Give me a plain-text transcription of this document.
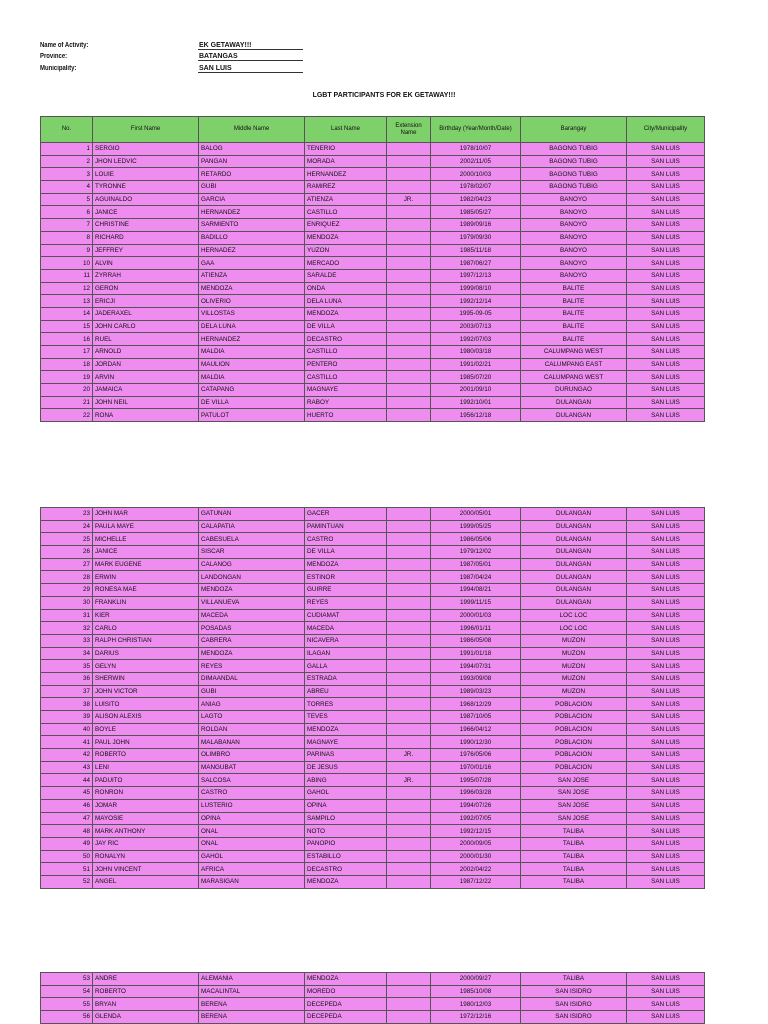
Name of Activity:	EK GETAWAY!!!
Province:	BATANGAS
Municipality:	SAN LUIS
LGBT PARTICIPANTS FOR EK GETAWAY!!!
No.	First Name	Middle Name	Last Name	Extension Name	Birthday (Year/Month/Date)	Barangay	City/Municipality
1	SERGIO	BALOG	TENERIO		1978/10/07	BAGONG TUBIG	SAN LUIS
2	JHON LEDVIC	PANGAN	MORADA		2002/11/05	BAGONG TUBIG	SAN LUIS
3	LOUIE	RETARDO	HERNANDEZ		2000/10/03	BAGONG TUBIG	SAN LUIS
4	TYRONNE	GUBI	RAMIREZ		1978/02/07	BAGONG TUBIG	SAN LUIS
5	AGUINALDO	GARCIA	ATIENZA	JR.	1982/04/23	BANOYO	SAN LUIS
6	JANICE	HERNANDEZ	CASTILLO		1985/05/27	BANOYO	SAN LUIS
7	CHRISTINE	SARMIENTO	ENRIQUEZ		1989/09/16	BANOYO	SAN LUIS
8	RICHARD	BADILLO	MENDOZA		1979/09/30	BANOYO	SAN LUIS
9	JEFFREY	HERNADEZ	YUZON		1985/11/18	BANOYO	SAN LUIS
10	ALVIN	GAA	MERCADO		1987/06/27	BANOYO	SAN LUIS
11	ZYRRAH	ATIENZA	SARALDE		1997/12/13	BANOYO	SAN LUIS
12	GERON	MENDOZA	ONDA		1999/08/10	BALITE	SAN LUIS
13	ERICJI	OLIVERIO	DELA LUNA		1992/12/14	BALITE	SAN LUIS
14	JADERAXEL	VILLOSTAS	MENDOZA		1995-09-05	BALITE	SAN LUIS
15	JOHN CARLO	DELA LUNA	DE VILLA		2003/07/13	BALITE	SAN LUIS
16	RUEL	HERNANDEZ	DECASTRO		1992/07/03	BALITE	SAN LUIS
17	ARNOLD	MALDIA	CASTILLO		1980/03/18	CALUMPANG WEST	SAN LUIS
18	JORDAN	MAULION	PENTERO		1991/02/21	CALUMPANG EAST	SAN LUIS
19	ARVIN	MALDIA	CASTILLO		1985/07/20	CALUMPANG WEST	SAN LUIS
20	JAMAICA	CATAPANG	MAGNAYE		2001/09/10	DURUNGAO	SAN LUIS
21	JOHN NEIL	DE VILLA	RABOY		1992/10/01	DULANGAN	SAN LUIS
22	RONA	PATULOT	HUERTO		1956/12/18	DULANGAN	SAN LUIS
23	JOHN MAR	GATUNAN	GACER		2000/05/01	DULANGAN	SAN LUIS
24	PAULA MAYE	CALAPATIA	PAMINTUAN		1999/05/25	DULANGAN	SAN LUIS
25	MICHELLE	CABESUELA	CASTRO		1986/05/06	DULANGAN	SAN LUIS
26	JANICE	SISCAR	DE VILLA		1979/12/02	DULANGAN	SAN LUIS
27	MARK EUGENE	CALANOG	MENDOZA		1987/05/01	DULANGAN	SAN LUIS
28	ERWIN	LANDONGAN	ESTINOR		1987/04/24	DULANGAN	SAN LUIS
29	RONESA MAE	MENDOZA	GUIRRE		1994/08/21	DULANGAN	SAN LUIS
30	FRANKLIN	VILLANUEVA	REYES		1999/11/15	DULANGAN	SAN LUIS
31	KIER	MACEDA	CUDIAMAT		2000/01/03	LOC LOC	SAN LUIS
32	CARLO	POSADAS	MACEDA		1996/01/11	LOC LOC	SAN LUIS
33	RALPH CHRISTIAN	CABRERA	NICAVERA		1986/05/08	MUZON	SAN LUIS
34	DARIUS	MENDOZA	ILAGAN		1991/01/18	MUZON	SAN LUIS
35	GELYN	REYES	GALLA		1994/07/31	MUZON	SAN LUIS
36	SHERWIN	DIMAANDAL	ESTRADA		1993/09/08	MUZON	SAN LUIS
37	JOHN VICTOR	GUBI	ABREU		1989/03/23	MUZON	SAN LUIS
38	LUISITO	ANIAG	TORRES		1968/12/29	POBLACION	SAN LUIS
39	ALISON ALEXIS	LAGTO	TEVES		1987/10/05	POBLACION	SAN LUIS
40	BOYLE	ROLDAN	MENDOZA		1966/04/12	POBLACION	SAN LUIS
41	PAUL JOHN	MALABANAN	MAGNAYE		1990/12/30	POBLACION	SAN LUIS
42	ROBERTO	OLIMBRO	PARINAS	JR.	1976/05/06	POBLACION	SAN LUIS
43	LENI	MANGUBAT	DE JESUS		1970/01/16	POBLACION	SAN LUIS
44	PADUITO	SALCOSA	ABING	JR.	1995/07/28	SAN JOSE	SAN LUIS
45	RONRON	CASTRO	GAHOL		1996/03/28	SAN JOSE	SAN LUIS
46	JOMAR	LUSTERIO	OPINA		1994/07/26	SAN JOSE	SAN LUIS
47	MAYOSIE	OPINA	SAMPILO		1992/07/05	SAN JOSE	SAN LUIS
48	MARK ANTHONY	ONAL	NOTO		1992/12/15	TALIBA	SAN LUIS
49	JAY RIC	ONAL	PANOPIO		2000/09/05	TALIBA	SAN LUIS
50	RONALYN	GAHOL	ESTABILLO		2000/01/30	TALIBA	SAN LUIS
51	JOHN VINCENT	AFRICA	DECASTRO		2002/04/22	TALIBA	SAN LUIS
52	ANGEL	MARASIGAN	MENDOZA		1987/12/22	TALIBA	SAN LUIS
53	ANDRE	ALEMANIA	MENDOZA		2000/09/27	TALIBA	SAN LUIS
54	ROBERTO	MACALINTAL	MOREDO		1985/10/08	SAN ISIDRO	SAN LUIS
55	BRYAN	BERENA	DECEPEDA		1980/12/03	SAN ISIDRO	SAN LUIS
56	GLENDA	BERENA	DECEPEDA		1972/12/16	SAN ISIDRO	SAN LUIS
